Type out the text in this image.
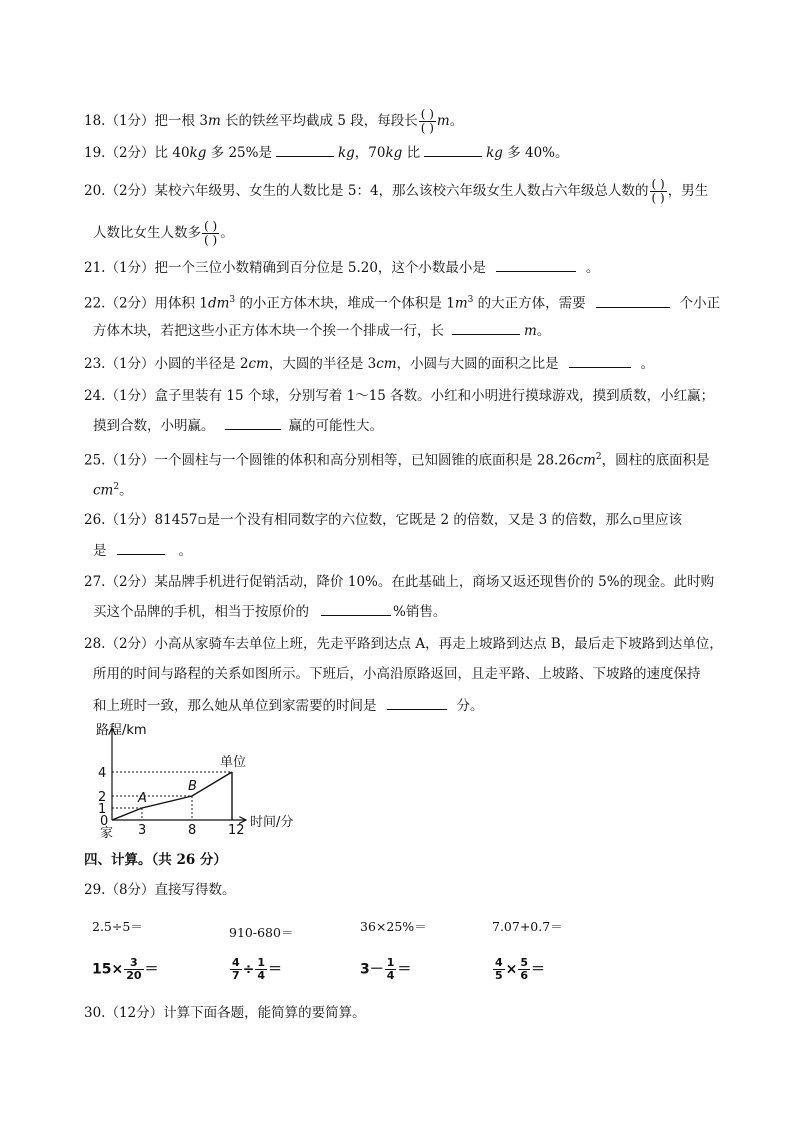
18.（1分）把一根 3m 长的铁丝平均截成 5 段，每段长 $\frac{( )}{( )}$ m。
19.（2分）比 40kg 多 25%是	kg，70kg 比	kg 多 40%。
20.（2分）某校六年级男、女生的人数比是 5：4，那么该校六年级女生人数占六年级总人数的 $\frac{( )}{( )}$ ，男生
人数比女生人数多 $\frac{( )}{( )}$ 。
21.（1分）把一个三位小数精确到百分位是 5.20，这个小数最小是	。
22.（2分）用体积 $1dm^3$ 的小正方体木块，堆成一个体积是 $1m^3$ 的大正方体，需要	个小正
方体木块，若把这些小正方体木块一个挨一个排成一行，长	m。
23.（1分）小圆的半径是 2cm，大圆的半径是 3cm，小圆与大圆的面积之比是	。
24.（1分）盒子里装有 15 个球，分别写着 1～15 各数。小红和小明进行摸球游戏，摸到质数，小红赢；
摸到合数，小明赢。	赢的可能性大。
25.（1分）一个圆柱与一个圆锥的体积和高分别相等，已知圆锥的底面积是 $28.26cm^2$，圆柱的底面积是
$cm^2$。
26.（1分）81457▫是一个没有相同数字的六位数，它既是 2 的倍数，又是 3 的倍数，那么▫里应该
是	。
27.（2分）某品牌手机进行促销活动，降价 10%。在此基础上，商场又返还现售价的 5%的现金。此时购
买这个品牌的手机，相当于按原价的	%销售。
28.（2分）小高从家骑车去单位上班，先走平路到达点 A，再走上坡路到达点 B，最后走下坡路到达单位，
所用的时间与路程的关系如图所示。下班后，小高沿原路返回，且走平路、上坡路、下坡路的速度保持
和上班时一致，那么她从单位到家需要的时间是	分。
A
B
单位
3	8 12
1
2
4
路程/km
时间/分
0
家
四、计算。（共 26 分）
29.（8分）直接写得数。
2.5÷5＝	910-680＝	36×25%＝	7.07+0.7＝
$15\times \frac{3}{20}$ ＝	$\frac{4}{7} \div \frac{1}{4}$ ＝	$3- \frac{1}{4}$ ＝	$\frac{4}{5} \times \frac{5}{6}$ ＝
30.（12分）计算下面各题，能简算的要简算。
